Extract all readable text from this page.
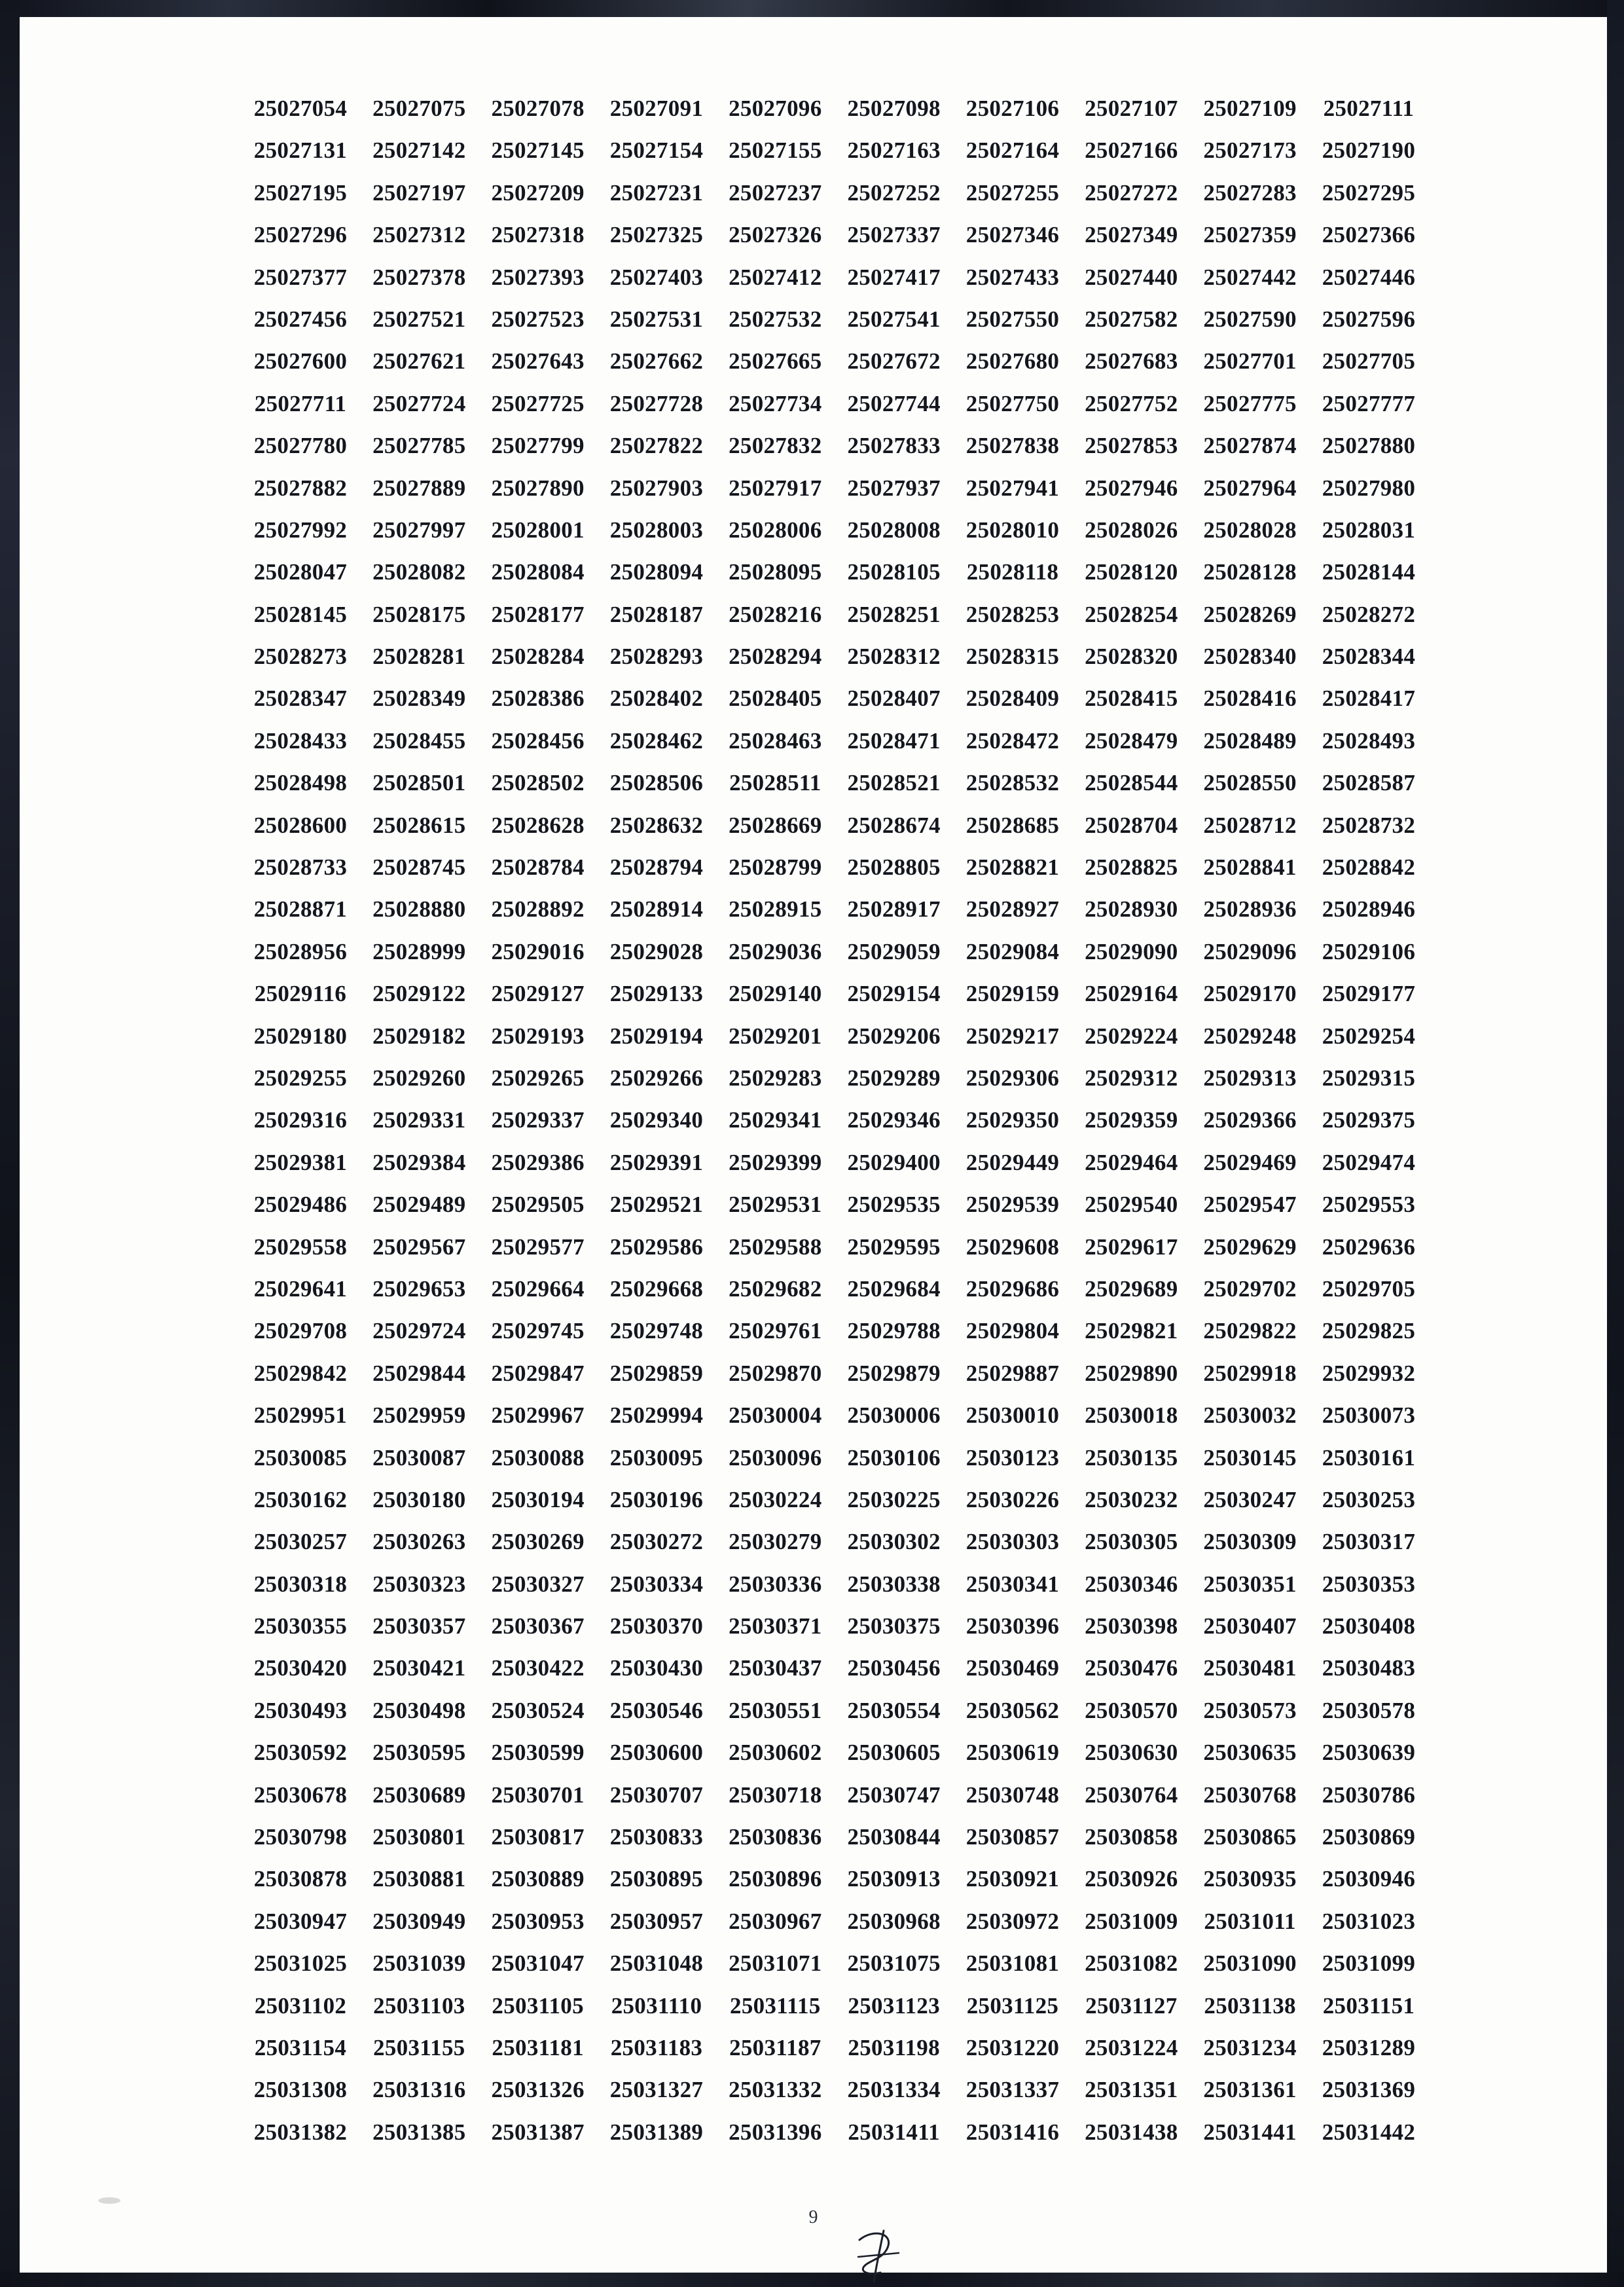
25027054	25027075	25027078	25027091	25027096	25027098	25027106	25027107	25027109	25027111
25027131	25027142	25027145	25027154	25027155	25027163	25027164	25027166	25027173	25027190
25027195	25027197	25027209	25027231	25027237	25027252	25027255	25027272	25027283	25027295
25027296	25027312	25027318	25027325	25027326	25027337	25027346	25027349	25027359	25027366
25027377	25027378	25027393	25027403	25027412	25027417	25027433	25027440	25027442	25027446
25027456	25027521	25027523	25027531	25027532	25027541	25027550	25027582	25027590	25027596
25027600	25027621	25027643	25027662	25027665	25027672	25027680	25027683	25027701	25027705
25027711	25027724	25027725	25027728	25027734	25027744	25027750	25027752	25027775	25027777
25027780	25027785	25027799	25027822	25027832	25027833	25027838	25027853	25027874	25027880
25027882	25027889	25027890	25027903	25027917	25027937	25027941	25027946	25027964	25027980
25027992	25027997	25028001	25028003	25028006	25028008	25028010	25028026	25028028	25028031
25028047	25028082	25028084	25028094	25028095	25028105	25028118	25028120	25028128	25028144
25028145	25028175	25028177	25028187	25028216	25028251	25028253	25028254	25028269	25028272
25028273	25028281	25028284	25028293	25028294	25028312	25028315	25028320	25028340	25028344
25028347	25028349	25028386	25028402	25028405	25028407	25028409	25028415	25028416	25028417
25028433	25028455	25028456	25028462	25028463	25028471	25028472	25028479	25028489	25028493
25028498	25028501	25028502	25028506	25028511	25028521	25028532	25028544	25028550	25028587
25028600	25028615	25028628	25028632	25028669	25028674	25028685	25028704	25028712	25028732
25028733	25028745	25028784	25028794	25028799	25028805	25028821	25028825	25028841	25028842
25028871	25028880	25028892	25028914	25028915	25028917	25028927	25028930	25028936	25028946
25028956	25028999	25029016	25029028	25029036	25029059	25029084	25029090	25029096	25029106
25029116	25029122	25029127	25029133	25029140	25029154	25029159	25029164	25029170	25029177
25029180	25029182	25029193	25029194	25029201	25029206	25029217	25029224	25029248	25029254
25029255	25029260	25029265	25029266	25029283	25029289	25029306	25029312	25029313	25029315
25029316	25029331	25029337	25029340	25029341	25029346	25029350	25029359	25029366	25029375
25029381	25029384	25029386	25029391	25029399	25029400	25029449	25029464	25029469	25029474
25029486	25029489	25029505	25029521	25029531	25029535	25029539	25029540	25029547	25029553
25029558	25029567	25029577	25029586	25029588	25029595	25029608	25029617	25029629	25029636
25029641	25029653	25029664	25029668	25029682	25029684	25029686	25029689	25029702	25029705
25029708	25029724	25029745	25029748	25029761	25029788	25029804	25029821	25029822	25029825
25029842	25029844	25029847	25029859	25029870	25029879	25029887	25029890	25029918	25029932
25029951	25029959	25029967	25029994	25030004	25030006	25030010	25030018	25030032	25030073
25030085	25030087	25030088	25030095	25030096	25030106	25030123	25030135	25030145	25030161
25030162	25030180	25030194	25030196	25030224	25030225	25030226	25030232	25030247	25030253
25030257	25030263	25030269	25030272	25030279	25030302	25030303	25030305	25030309	25030317
25030318	25030323	25030327	25030334	25030336	25030338	25030341	25030346	25030351	25030353
25030355	25030357	25030367	25030370	25030371	25030375	25030396	25030398	25030407	25030408
25030420	25030421	25030422	25030430	25030437	25030456	25030469	25030476	25030481	25030483
25030493	25030498	25030524	25030546	25030551	25030554	25030562	25030570	25030573	25030578
25030592	25030595	25030599	25030600	25030602	25030605	25030619	25030630	25030635	25030639
25030678	25030689	25030701	25030707	25030718	25030747	25030748	25030764	25030768	25030786
25030798	25030801	25030817	25030833	25030836	25030844	25030857	25030858	25030865	25030869
25030878	25030881	25030889	25030895	25030896	25030913	25030921	25030926	25030935	25030946
25030947	25030949	25030953	25030957	25030967	25030968	25030972	25031009	25031011	25031023
25031025	25031039	25031047	25031048	25031071	25031075	25031081	25031082	25031090	25031099
25031102	25031103	25031105	25031110	25031115	25031123	25031125	25031127	25031138	25031151
25031154	25031155	25031181	25031183	25031187	25031198	25031220	25031224	25031234	25031289
25031308	25031316	25031326	25031327	25031332	25031334	25031337	25031351	25031361	25031369
25031382	25031385	25031387	25031389	25031396	25031411	25031416	25031438	25031441	25031442
9
